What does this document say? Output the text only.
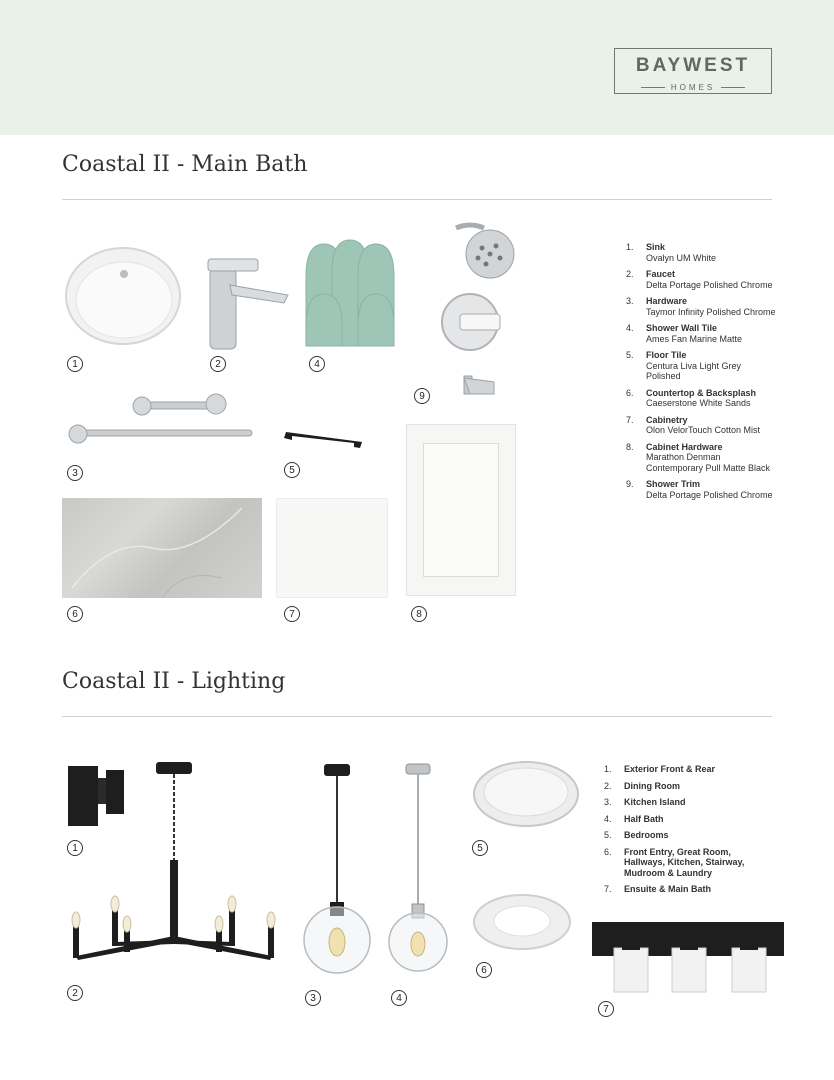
BAYWEST
HOMES
Coastal II - Main Bath
1	2	4
9
3	5
6	7	8
1. Sink
Ovalyn UM White
2. Faucet
Delta Portage Polished Chrome
3. Hardware
Taymor Infinity Polished Chrome
4. Shower Wall Tile
Ames Fan Marine Matte
5. Floor Tile
Centura Liva Light Grey Polished
6. Countertop & Backsplash
Caeserstone White Sands
7. Cabinetry
Olon VelorTouch Cotton Mist
8. Cabinet Hardware
Marathon Denman Contemporary Pull Matte Black
9. Shower Trim
Delta Portage Polished Chrome
Coastal II - Lighting
1
2	3	4
5
6
7
1. Exterior Front & Rear
2. Dining Room
3. Kitchen Island
4. Half Bath
5. Bedrooms
6. Front Entry, Great Room, Hallways, Kitchen, Stairway, Mudroom & Laundry
7. Ensuite & Main Bath
